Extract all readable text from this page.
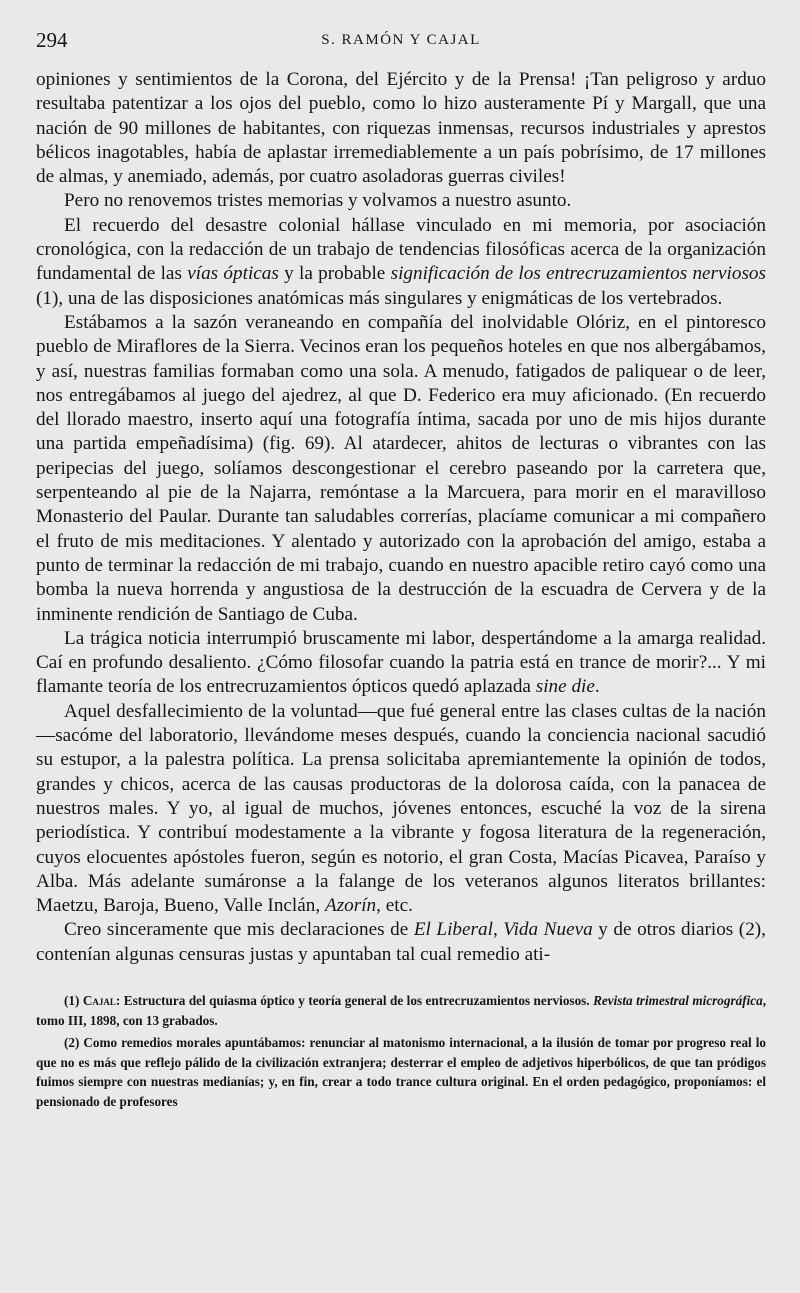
294	S. RAMÓN Y CAJAL

opiniones y sentimientos de la Corona, del Ejército y de la Prensa! ¡Tan peligroso y arduo resultaba patentizar a los ojos del pueblo, como lo hizo austeramente Pí y Margall, que una nación de 90 millones de habitantes, con riquezas inmensas, recursos industriales y aprestos bélicos inagotables, había de aplastar irremediablemente a un país pobrísimo, de 17 millones de almas, y anemiado, además, por cuatro asoladoras guerras civiles!

Pero no renovemos tristes memorias y volvamos a nuestro asunto.

El recuerdo del desastre colonial hállase vinculado en mi memoria, por asociación cronológica, con la redacción de un trabajo de tendencias filosóficas acerca de la organización fundamental de las vías ópticas y la probable significación de los entrecruzamientos nerviosos (1), una de las disposiciones anatómicas más singulares y enigmáticas de los vertebrados.

Estábamos a la sazón veraneando en compañía del inolvidable Olóriz, en el pintoresco pueblo de Miraflores de la Sierra. Vecinos eran los pequeños hoteles en que nos albergábamos, y así, nuestras familias formaban como una sola. A menudo, fatigados de paliquear o de leer, nos entregábamos al juego del ajedrez, al que D. Federico era muy aficionado. (En recuerdo del llorado maestro, inserto aquí una fotografía íntima, sacada por uno de mis hijos durante una partida empeñadísima) (fig. 69). Al atardecer, ahitos de lecturas o vibrantes con las peripecias del juego, solíamos descongestionar el cerebro paseando por la carretera que, serpenteando al pie de la Najarra, remóntase a la Marcuera, para morir en el maravilloso Monasterio del Paular. Durante tan saludables correrías, placíame comunicar a mi compañero el fruto de mis meditaciones. Y alentado y autorizado con la aprobación del amigo, estaba a punto de terminar la redacción de mi trabajo, cuando en nuestro apacible retiro cayó como una bomba la nueva horrenda y angustiosa de la destrucción de la escuadra de Cervera y de la inminente rendición de Santiago de Cuba.

La trágica noticia interrumpió bruscamente mi labor, despertándome a la amarga realidad. Caí en profundo desaliento. ¿Cómo filosofar cuando la patria está en trance de morir?... Y mi flamante teoría de los entrecruzamientos ópticos quedó aplazada sine die.

Aquel desfallecimiento de la voluntad—que fué general entre las clases cultas de la nación—sacóme del laboratorio, llevándome meses después, cuando la conciencia nacional sacudió su estupor, a la palestra política. La prensa solicitaba apremiantemente la opinión de todos, grandes y chicos, acerca de las causas productoras de la dolorosa caída, con la panacea de nuestros males. Y yo, al igual de muchos, jóvenes entonces, escuché la voz de la sirena periodística. Y contribuí modestamente a la vibrante y fogosa literatura de la regeneración, cuyos elocuentes apóstoles fueron, según es notorio, el gran Costa, Macías Picavea, Paraíso y Alba. Más adelante sumáronse a la falange de los veteranos algunos literatos brillantes: Maetzu, Baroja, Bueno, Valle Inclán, Azorín, etc.

Creo sinceramente que mis declaraciones de El Liberal, Vida Nueva y de otros diarios (2), contenían algunas censuras justas y apuntaban tal cual remedio ati-

(1) Cajal: Estructura del quiasma óptico y teoría general de los entrecruzamientos nerviosos. Revista trimestral micrográfica, tomo III, 1898, con 13 grabados.

(2) Como remedios morales apuntábamos: renunciar al matonismo internacional, a la ilusión de tomar por progreso real lo que no es más que reflejo pálido de la civilización extranjera; desterrar el empleo de adjetivos hiperbólicos, de que tan pródigos fuimos siempre con nuestras medianías; y, en fin, crear a todo trance cultura original. En el orden pedagógico, proponíamos: el pensionado de profesores
